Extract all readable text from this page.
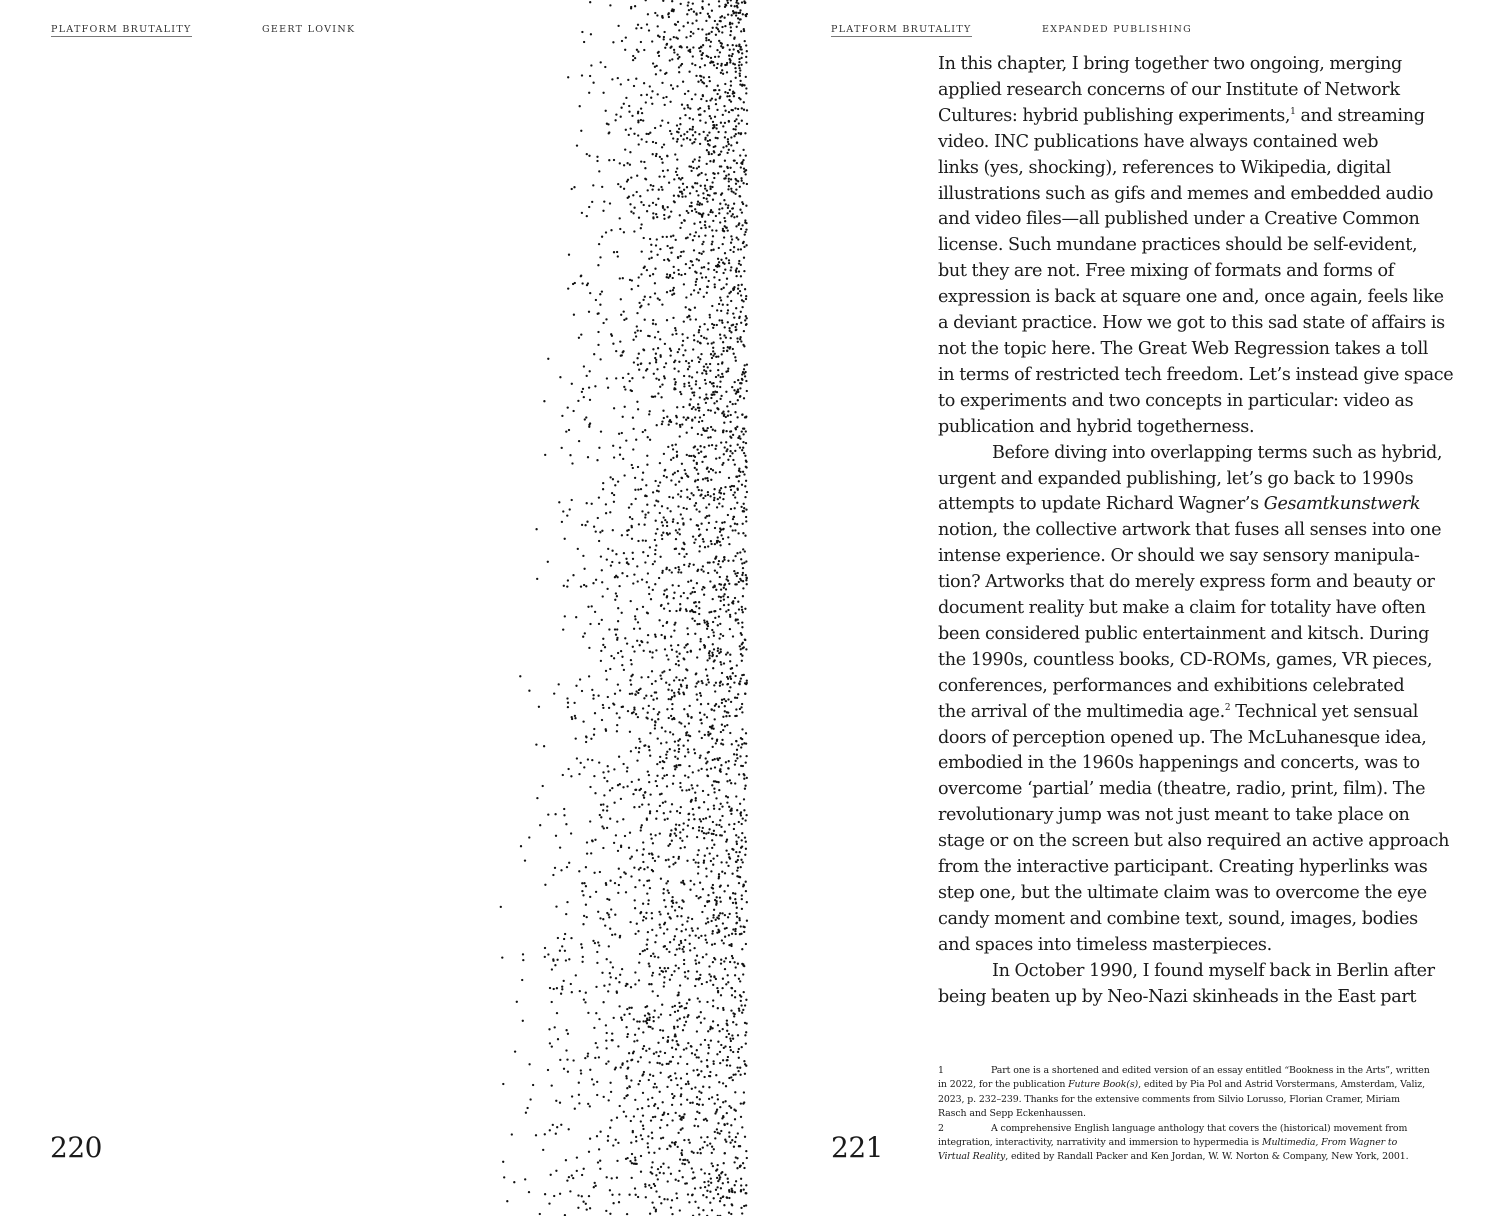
PLATFORM BRUTALITY	GEERT LOVINK
220
PLATFORM BRUTALITY	EXPANDED PUBLISHING

In this chapter, I bring together two ongoing, merging
applied research concerns of our Institute of Network
Cultures: hybrid publishing experiments,$^1$ and streaming
video. INC publications have always contained web
links (yes, shocking), references to Wikipedia, digital
illustrations such as gifs and memes and embedded audio
and video files—all published under a Creative Common
license. Such mundane practices should be self-evident,
but they are not. Free mixing of formats and forms of
expression is back at square one and, once again, feels like
a deviant practice. How we got to this sad state of affairs is
not the topic here. The Great Web Regression takes a toll
in terms of restricted tech freedom. Let’s instead give space
to experiments and two concepts in particular: video as
publication and hybrid togetherness.

Before diving into overlapping terms such as hybrid,
urgent and expanded publishing, let’s go back to 1990s
attempts to update Richard Wagner’s Gesamtkunstwerk
notion, the collective artwork that fuses all senses into one
intense experience. Or should we say sensory manipula-
tion? Artworks that do merely express form and beauty or
document reality but make a claim for totality have often
been considered public entertainment and kitsch. During
the 1990s, countless books, CD-ROMs, games, VR pieces,
conferences, performances and exhibitions celebrated
the arrival of the multimedia age.$^2$ Technical yet sensual
doors of perception opened up. The McLuhanesque idea,
embodied in the 1960s happenings and concerts, was to
overcome ‘partial’ media (theatre, radio, print, film). The
revolutionary jump was not just meant to take place on
stage or on the screen but also required an active approach
from the interactive participant. Creating hyperlinks was
step one, but the ultimate claim was to overcome the eye
candy moment and combine text, sound, images, bodies
and spaces into timeless masterpieces.

In October 1990, I found myself back in Berlin after
being beaten up by Neo-Nazi skinheads in the East part

221
1	Part one is a shortened and edited version of an essay entitled “Bookness in the Arts”, written
in 2022, for the publication Future Book(s), edited by Pia Pol and Astrid Vorstermans, Amsterdam, Valiz,
2023, p. 232–239. Thanks for the extensive comments from Silvio Lorusso, Florian Cramer, Miriam
Rasch and Sepp Eckenhaussen.
2	A comprehensive English language anthology that covers the (historical) movement from
integration, interactivity, narrativity and immersion to hypermedia is Multimedia, From Wagner to
Virtual Reality, edited by Randall Packer and Ken Jordan, W. W. Norton & Company, New York, 2001.
